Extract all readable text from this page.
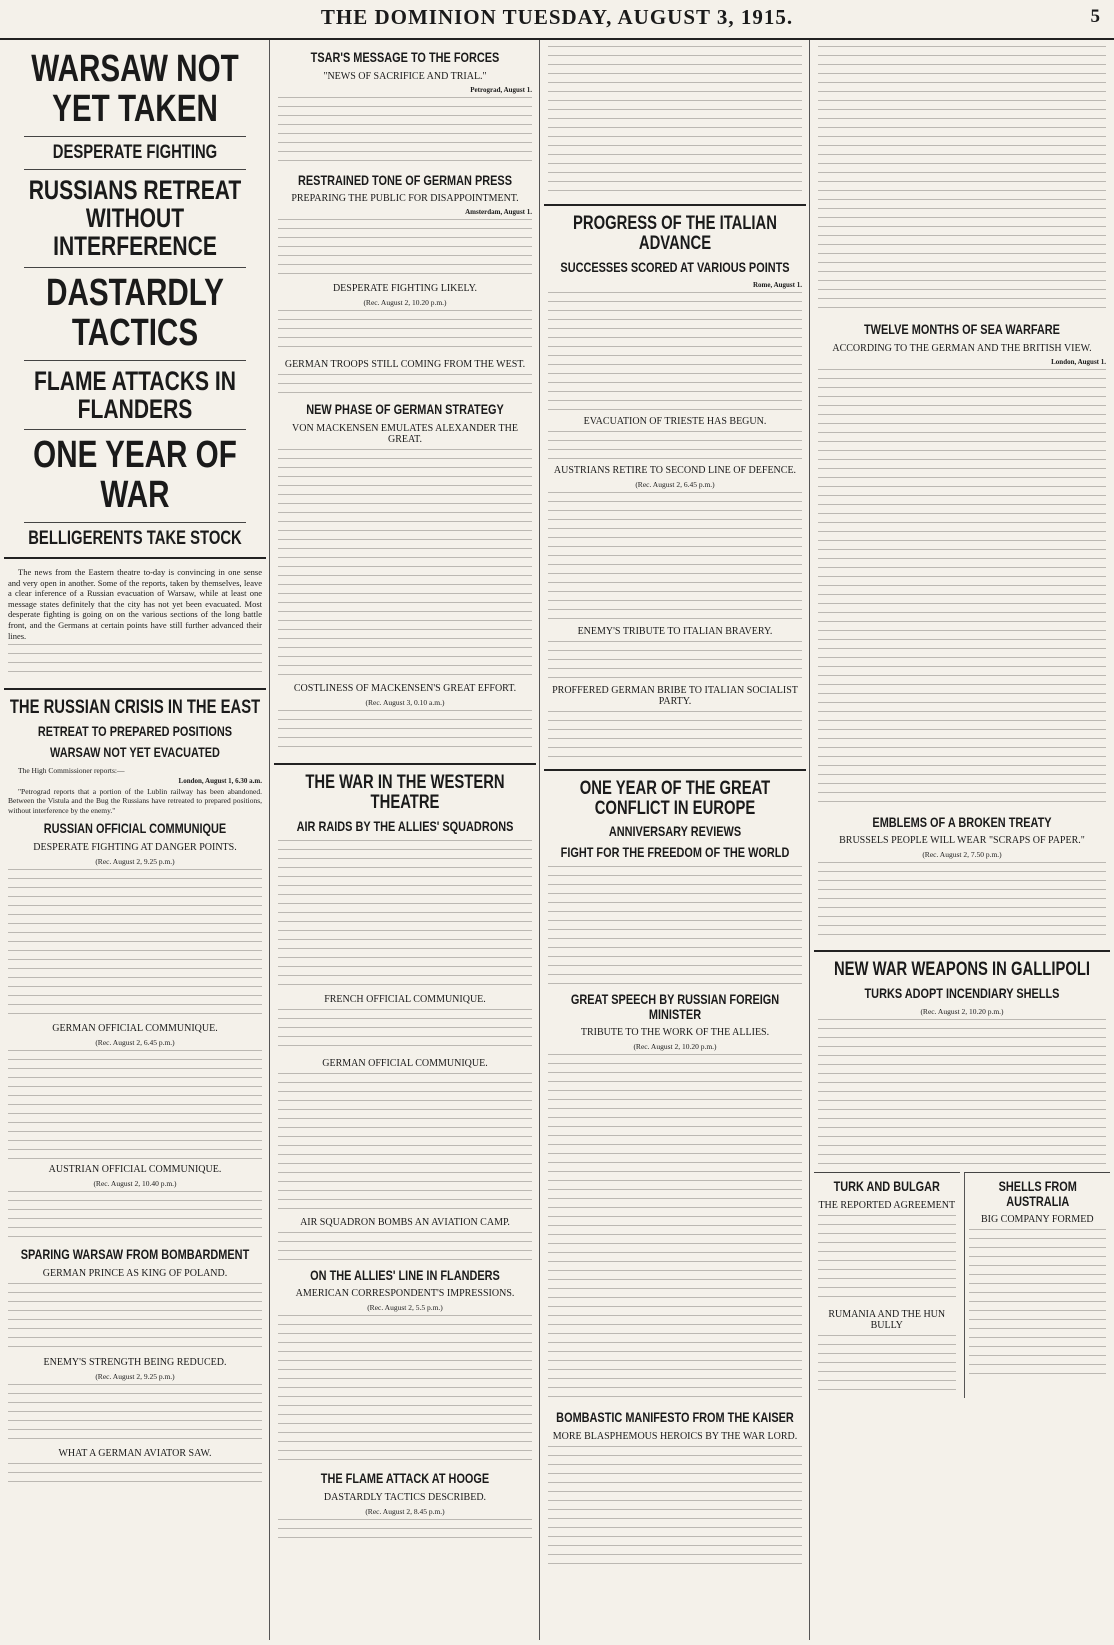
THE DOMINION TUESDAY, AUGUST 3, 1915.	5
WARSAW NOT YET TAKEN
DESPERATE FIGHTING
RUSSIANS RETREAT WITHOUT INTERFERENCE
DASTARDLY TACTICS
FLAME ATTACKS IN FLANDERS
ONE YEAR OF WAR
BELLIGERENTS TAKE STOCK
The news from the Eastern theatre to-day is convincing in one sense and very open in another. Some of the reports, taken by themselves, leave a clear inference of a Russian evacuation of Warsaw, while at least one message states definitely that the city has not yet been evacuated. Most desperate fighting is going on on the various sections of the long battle front, and the Germans at certain points have still further advanced their lines.
THE RUSSIAN CRISIS IN THE EAST
RETREAT TO PREPARED POSITIONS
WARSAW NOT YET EVACUATED
The High Commissioner reports:—
London, August 1, 6.30 a.m.
"Petrograd reports that a portion of the Lublin railway has been abandoned. Between the Vistula and the Bug the Russians have retreated to prepared positions, without interference by the enemy."
RUSSIAN OFFICIAL COMMUNIQUE
DESPERATE FIGHTING AT DANGER POINTS.
(Rec. August 2, 9.25 p.m.)
GERMAN OFFICIAL COMMUNIQUE.
(Rec. August 2, 6.45 p.m.)
AUSTRIAN OFFICIAL COMMUNIQUE.
(Rec. August 2, 10.40 p.m.)
SPARING WARSAW FROM BOMBARDMENT
GERMAN PRINCE AS KING OF POLAND.
ENEMY'S STRENGTH BEING REDUCED.
(Rec. August 2, 9.25 p.m.)
WHAT A GERMAN AVIATOR SAW.
TSAR'S MESSAGE TO THE FORCES
"NEWS OF SACRIFICE AND TRIAL."
Petrograd, August 1.
RESTRAINED TONE OF GERMAN PRESS
PREPARING THE PUBLIC FOR DISAPPOINTMENT.
Amsterdam, August 1.
DESPERATE FIGHTING LIKELY.
(Rec. August 2, 10.20 p.m.)
GERMAN TROOPS STILL COMING FROM THE WEST.
NEW PHASE OF GERMAN STRATEGY
VON MACKENSEN EMULATES ALEXANDER THE GREAT.
COSTLINESS OF MACKENSEN'S GREAT EFFORT.
(Rec. August 3, 0.10 a.m.)
THE WAR IN THE WESTERN THEATRE
AIR RAIDS BY THE ALLIES' SQUADRONS
FRENCH OFFICIAL COMMUNIQUE.
GERMAN OFFICIAL COMMUNIQUE.
AIR SQUADRON BOMBS AN AVIATION CAMP.
ON THE ALLIES' LINE IN FLANDERS
AMERICAN CORRESPONDENT'S IMPRESSIONS.
(Rec. August 2, 5.5 p.m.)
THE FLAME ATTACK AT HOOGE
DASTARDLY TACTICS DESCRIBED.
(Rec. August 2, 8.45 p.m.)
PROGRESS OF THE ITALIAN ADVANCE
SUCCESSES SCORED AT VARIOUS POINTS
Rome, August 1.
EVACUATION OF TRIESTE HAS BEGUN.
AUSTRIANS RETIRE TO SECOND LINE OF DEFENCE.
(Rec. August 2, 6.45 p.m.)
ENEMY'S TRIBUTE TO ITALIAN BRAVERY.
PROFFERED GERMAN BRIBE TO ITALIAN SOCIALIST PARTY.
ONE YEAR OF THE GREAT CONFLICT IN EUROPE
ANNIVERSARY REVIEWS
FIGHT FOR THE FREEDOM OF THE WORLD
GREAT SPEECH BY RUSSIAN FOREIGN MINISTER
TRIBUTE TO THE WORK OF THE ALLIES.
(Rec. August 2, 10.20 p.m.)
BOMBASTIC MANIFESTO FROM THE KAISER
MORE BLASPHEMOUS HEROICS BY THE WAR LORD.
TWELVE MONTHS OF SEA WARFARE
ACCORDING TO THE GERMAN AND THE BRITISH VIEW.
London, August 1.
EMBLEMS OF A BROKEN TREATY
BRUSSELS PEOPLE WILL WEAR "SCRAPS OF PAPER."
(Rec. August 2, 7.50 p.m.)
NEW WAR WEAPONS IN GALLIPOLI
TURKS ADOPT INCENDIARY SHELLS
(Rec. August 2, 10.20 p.m.)
TURK AND BULGAR
THE REPORTED AGREEMENT
RUMANIA AND THE HUN BULLY
SHELLS FROM AUSTRALIA
BIG COMPANY FORMED
